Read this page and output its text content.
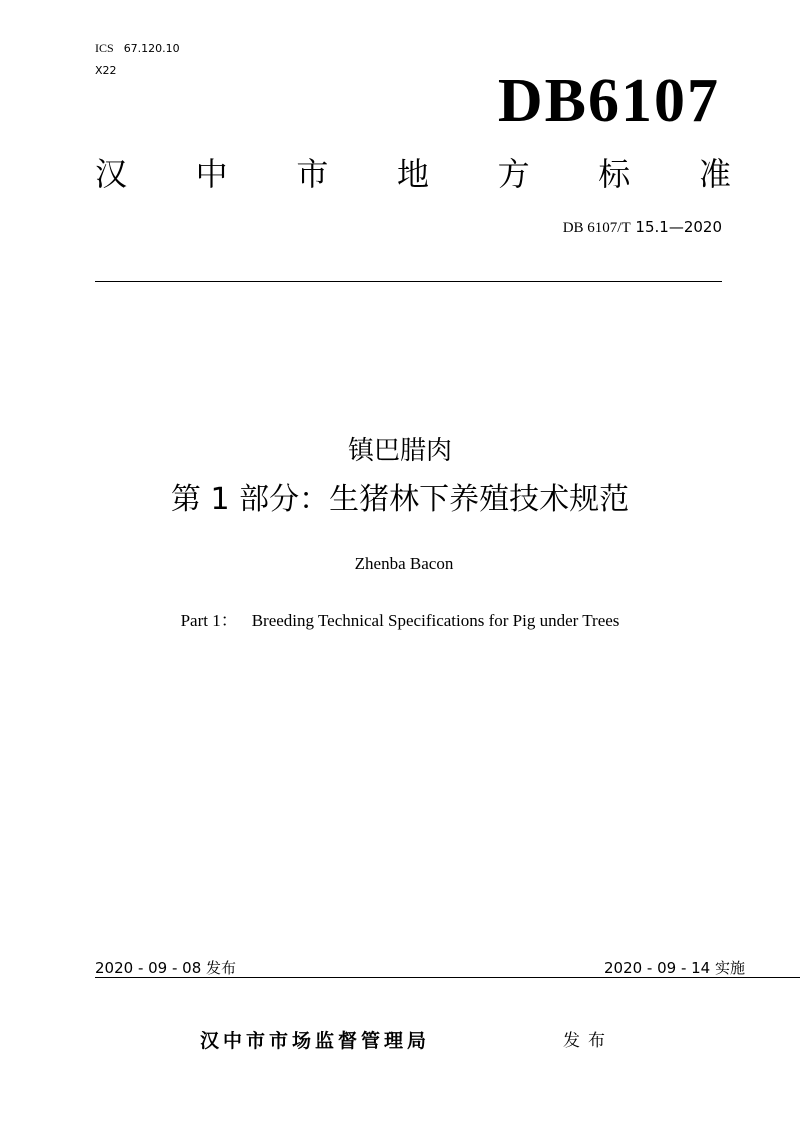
ICS 67.120.10
X22	DB6107
汉 中 市 地 方 标 准
DB 6107/T 15.1—2020
镇巴腊肉
第 1 部分：生猪林下养殖技术规范
Zhenba Bacon
Part 1： Breeding Technical Specifications for Pig under Trees
2020 - 09 - 08 发布	2020 - 09 - 14 实施
汉中市市场监督管理局	发布
